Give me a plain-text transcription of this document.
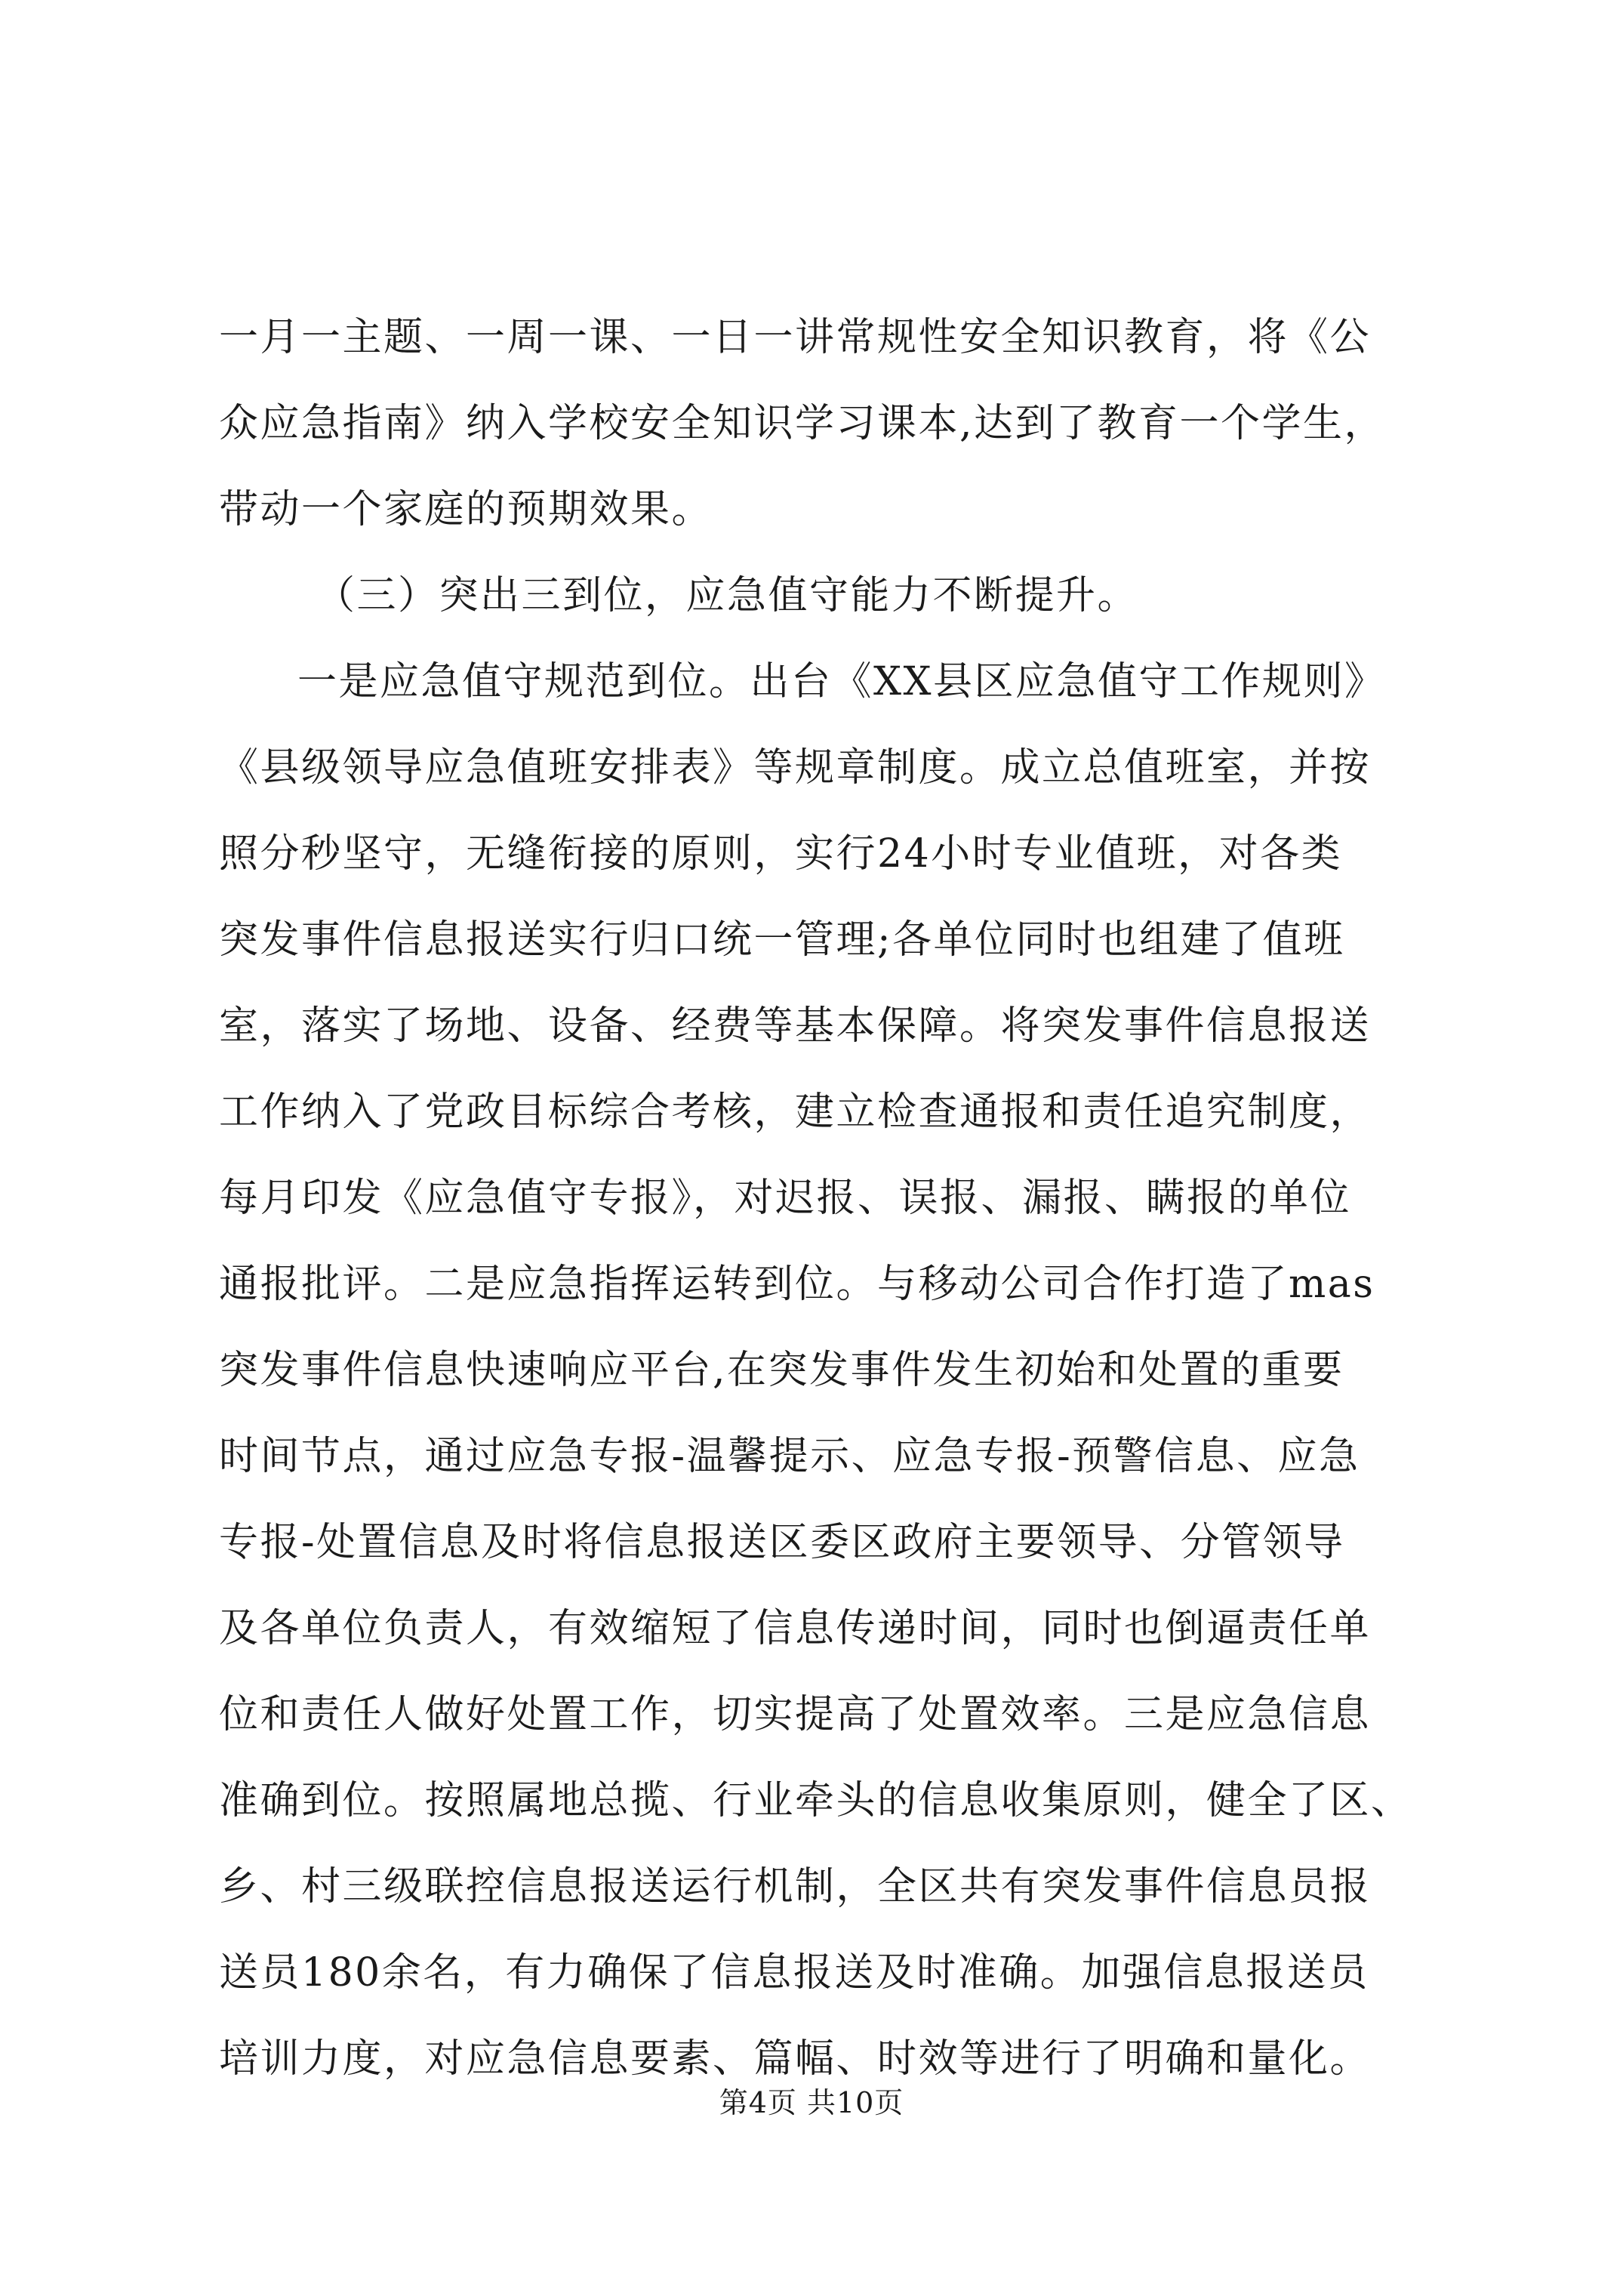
一月一主题、一周一课、一日一讲常规性安全知识教育，将《公
众应急指南》纳入学校安全知识学习课本,达到了教育一个学生，
带动一个家庭的预期效果。
（三）突出三到位，应急值守能力不断提升。
一是应急值守规范到位。出台《XX县区应急值守工作规则》
《县级领导应急值班安排表》等规章制度。成立总值班室，并按
照分秒坚守，无缝衔接的原则，实行24小时专业值班，对各类
突发事件信息报送实行归口统一管理;各单位同时也组建了值班
室，落实了场地、设备、经费等基本保障。将突发事件信息报送
工作纳入了党政目标综合考核，建立检查通报和责任追究制度，
每月印发《应急值守专报》，对迟报、误报、漏报、瞒报的单位
通报批评。二是应急指挥运转到位。与移动公司合作打造了mas
突发事件信息快速响应平台,在突发事件发生初始和处置的重要
时间节点，通过应急专报-温馨提示、应急专报-预警信息、应急
专报-处置信息及时将信息报送区委区政府主要领导、分管领导
及各单位负责人，有效缩短了信息传递时间，同时也倒逼责任单
位和责任人做好处置工作，切实提高了处置效率。三是应急信息
准确到位。按照属地总揽、行业牵头的信息收集原则，健全了区、
乡、村三级联控信息报送运行机制，全区共有突发事件信息员报
送员180余名，有力确保了信息报送及时准确。加强信息报送员
培训力度，对应急信息要素、篇幅、时效等进行了明确和量化。
第4页 共10页
